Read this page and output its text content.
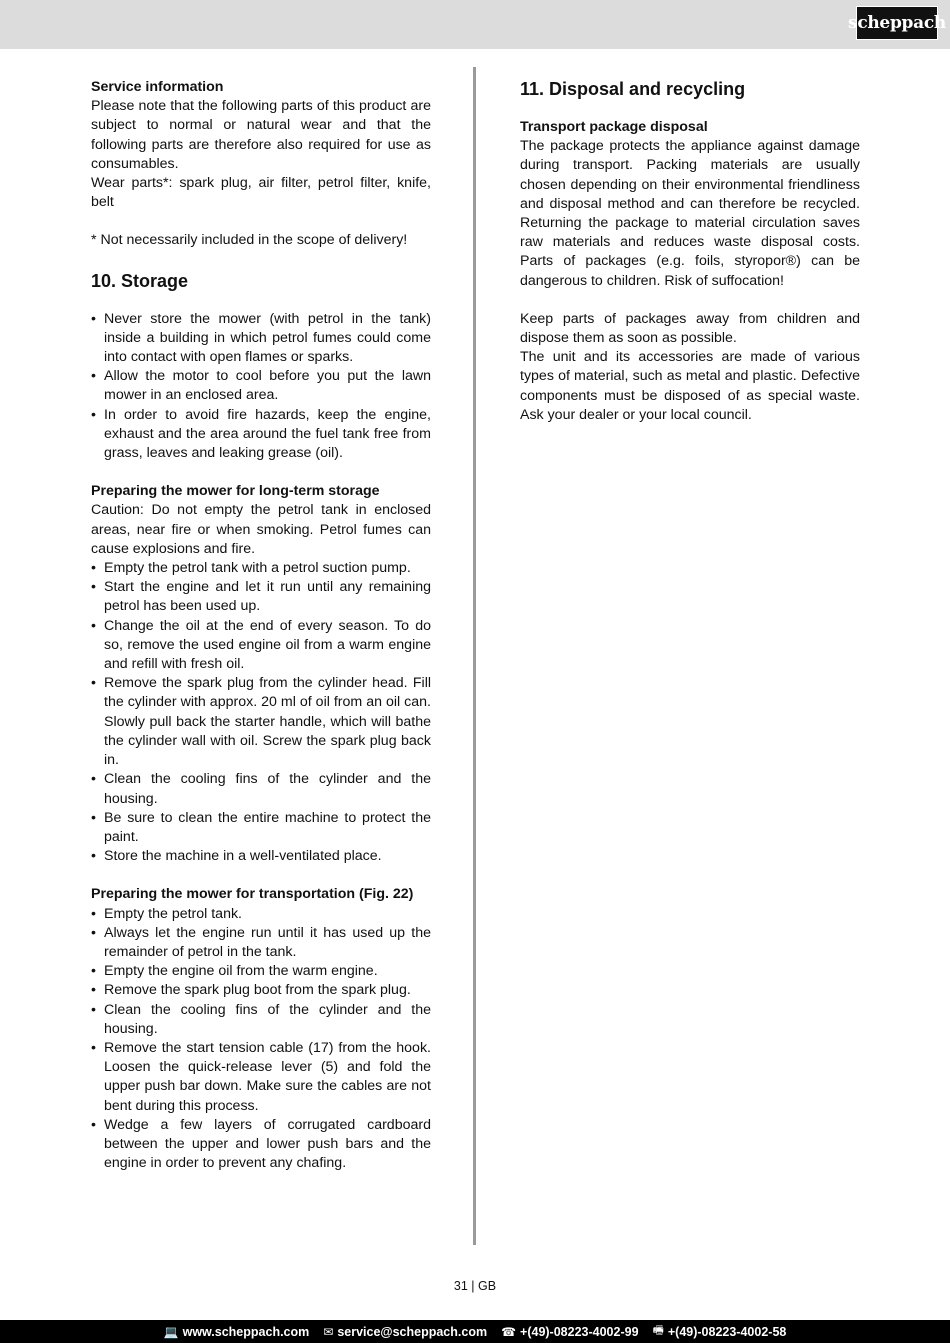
scheppach

Service information

Please note that the following parts of this product are subject to normal or natural wear and that the following parts are therefore also required for use as consumables.

Wear parts*: spark plug, air filter, petrol filter, knife, belt

* Not necessarily included in the scope of delivery!

10. Storage
• Never store the mower (with petrol in the tank) inside a building in which petrol fumes could come into contact with open flames or sparks.
• Allow the motor to cool before you put the lawn mower in an enclosed area.
• In order to avoid fire hazards, keep the engine, exhaust and the area around the fuel tank free from grass, leaves and leaking grease (oil).

Preparing the mower for long-term storage

Caution: Do not empty the petrol tank in enclosed areas, near fire or when smoking. Petrol fumes can cause explosions and fire.

• Empty the petrol tank with a petrol suction pump.
• Start the engine and let it run until any remaining petrol has been used up.
• Change the oil at the end of every season. To do so, remove the used engine oil from a warm engine and refill with fresh oil.
• Remove the spark plug from the cylinder head. Fill the cylinder with approx. 20 ml of oil from an oil can. Slowly pull back the starter handle, which will bathe the cylinder wall with oil. Screw the spark plug back in.
• Clean the cooling fins of the cylinder and the housing.
• Be sure to clean the entire machine to protect the paint.
• Store the machine in a well-ventilated place.

Preparing the mower for transportation (Fig. 22)

• Empty the petrol tank.
• Always let the engine run until it has used up the remainder of petrol in the tank.
• Empty the engine oil from the warm engine.
• Remove the spark plug boot from the spark plug.
• Clean the cooling fins of the cylinder and the housing.
• Remove the start tension cable (17) from the hook. Loosen the quick-release lever (5) and fold the upper push bar down. Make sure the cables are not bent during this process.
• Wedge a few layers of corrugated cardboard between the upper and lower push bars and the engine in order to prevent any chafing.
11. Disposal and recycling

Transport package disposal

The package protects the appliance against damage during transport. Packing materials are usually chosen depending on their environmental friendliness and disposal method and can therefore be recycled. Returning the package to material circulation saves raw materials and reduces waste disposal costs. Parts of packages (e.g. foils, styropor®) can be dangerous to children. Risk of suffocation!

Keep parts of packages away from children and dispose them as soon as possible.

The unit and its accessories are made of various types of material, such as metal and plastic. Defective components must be disposed of as special waste. Ask your dealer or your local council.

31 | GB
💻 www.scheppach.com ✉ service@scheppach.com ☎ +(49)-08223-4002-99 🖷 +(49)-08223-4002-58
